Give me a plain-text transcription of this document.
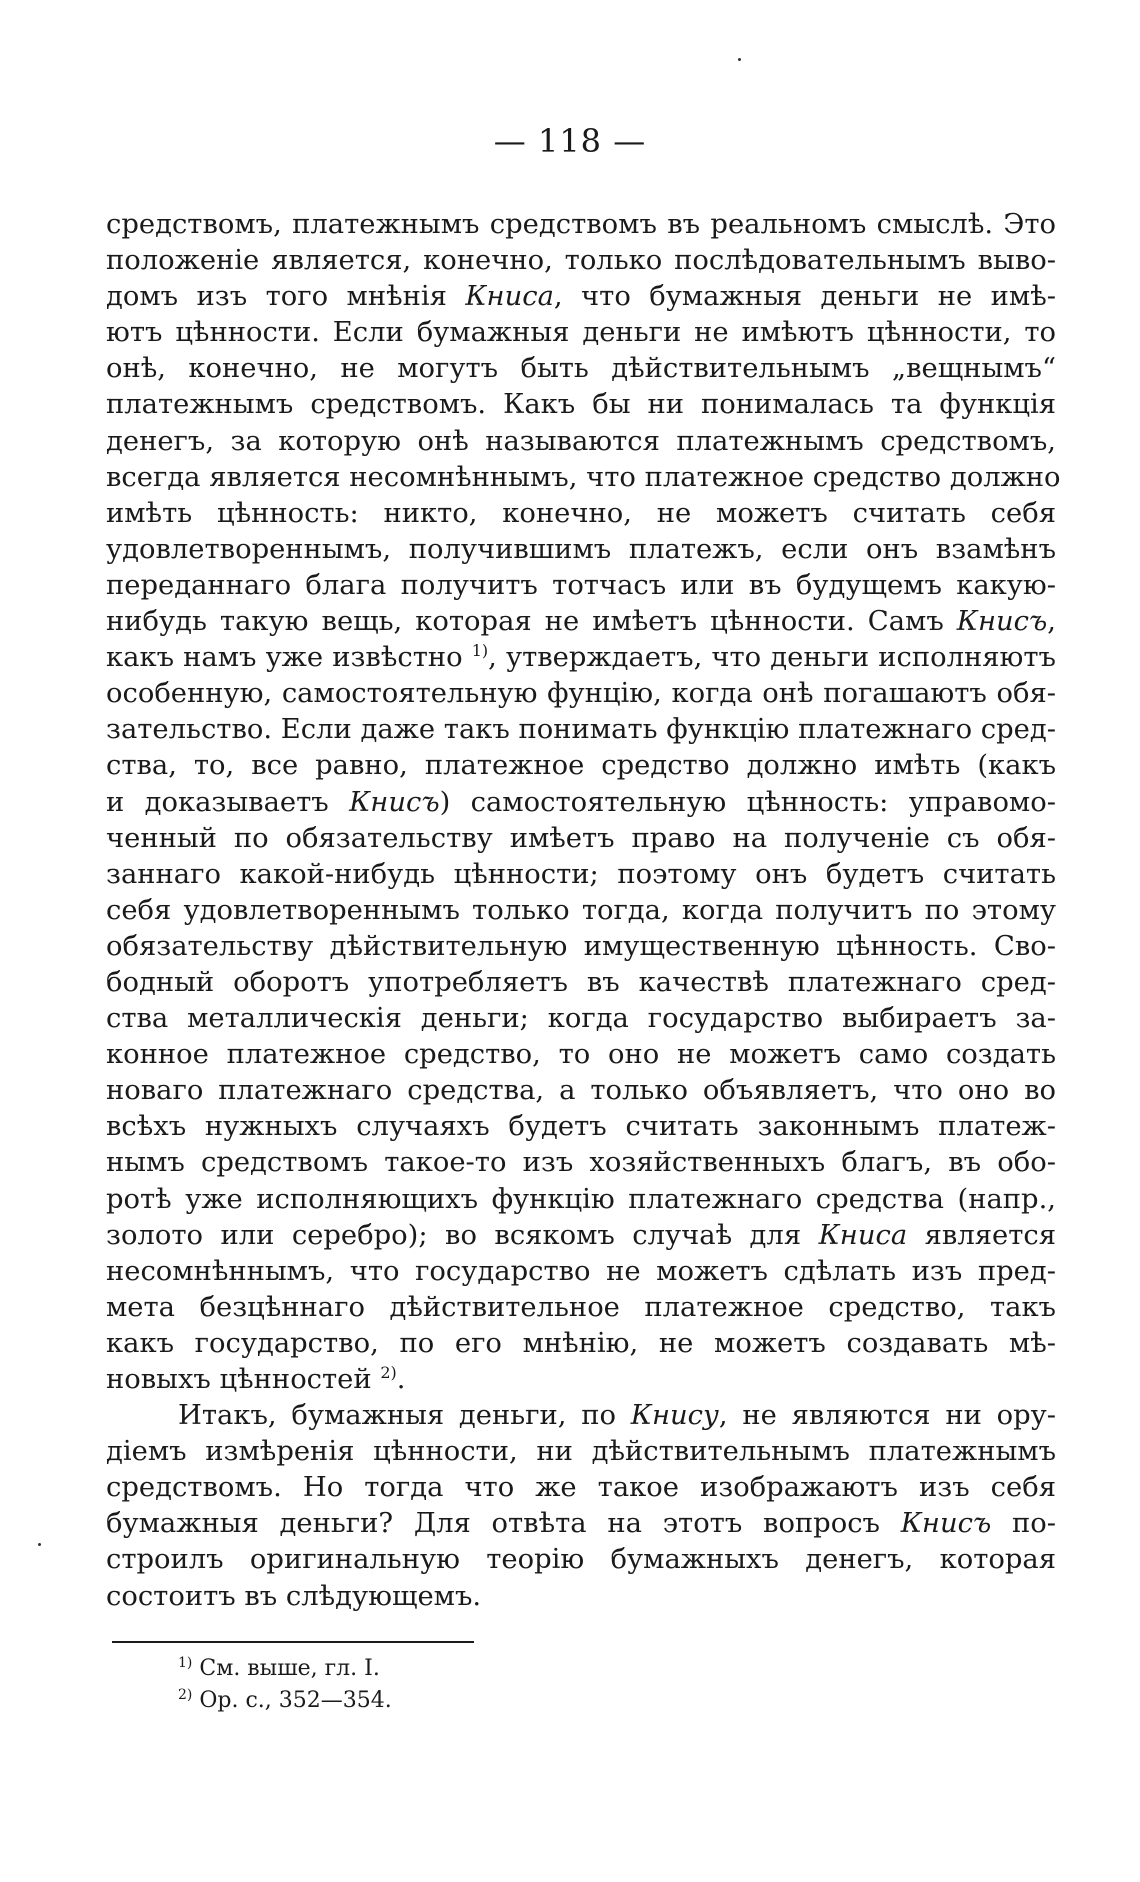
— 118 —
средствомъ, платежнымъ средствомъ въ реальномъ смыслѣ. Это
положеніе является, конечно, только послѣдовательнымъ выво-
домъ изъ того мнѣнія Книса, что бумажныя деньги не имѣ-
ютъ цѣнности. Если бумажныя деньги не имѣютъ цѣнности, то
онѣ, конечно, не могутъ быть дѣйствительнымъ „вещнымъ“
платежнымъ средствомъ. Какъ бы ни понималась та функція
денегъ, за которую онѣ называются платежнымъ средствомъ,
всегда является несомнѣннымъ, что платежное средство должно
имѣть цѣнность: никто, конечно, не можетъ считать себя
удовлетвореннымъ, получившимъ платежъ, если онъ взамѣнъ
переданнаго блага получитъ тотчасъ или въ будущемъ какую-
нибудь такую вещь, которая не имѣетъ цѣнности. Самъ Книсъ,
какъ намъ уже извѣстно $^{1)}$, утверждаетъ, что деньги исполняютъ
особенную, самостоятельную фунцію, когда онѣ погашаютъ обя-
зательство. Если даже такъ понимать функцію платежнаго сред-
ства, то, все равно, платежное средство должно имѣть (какъ
и доказываетъ Книсъ) самостоятельную цѣнность: управомо-
ченный по обязательству имѣетъ право на полученіе съ обя-
заннаго какой-нибудь цѣнности; поэтому онъ будетъ считать
себя удовлетвореннымъ только тогда, когда получитъ по этому
обязательству дѣйствительную имущественную цѣнность. Сво-
бодный оборотъ употребляетъ въ качествѣ платежнаго сред-
ства металлическія деньги; когда государство выбираетъ за-
конное платежное средство, то оно не можетъ само создать
новаго платежнаго средства, а только объявляетъ, что оно во
всѣхъ нужныхъ случаяхъ будетъ считать законнымъ платеж-
нымъ средствомъ такое-то изъ хозяйственныхъ благъ, въ обо-
ротѣ уже исполняющихъ функцію платежнаго средства (напр.,
золото или серебро); во всякомъ случаѣ для Книса является
несомнѣннымъ, что государство не можетъ сдѣлать изъ пред-
мета безцѣннаго дѣйствительное платежное средство, такъ
какъ государство, по его мнѣнію, не можетъ создавать мѣ-
новыхъ цѣнностей $^{2)}$.
Итакъ, бумажныя деньги, по Кнису, не являются ни ору-
діемъ измѣренія цѣнности, ни дѣйствительнымъ платежнымъ
средствомъ. Но тогда что же такое изображаютъ изъ себя
бумажныя деньги? Для отвѣта на этотъ вопросъ Книсъ по-
строилъ оригинальную теорію бумажныхъ денегъ, которая
состоитъ въ слѣдующемъ.
$^{1)}$ См. выше, гл. I.
$^{2)}$ Op. c., 352—354.
